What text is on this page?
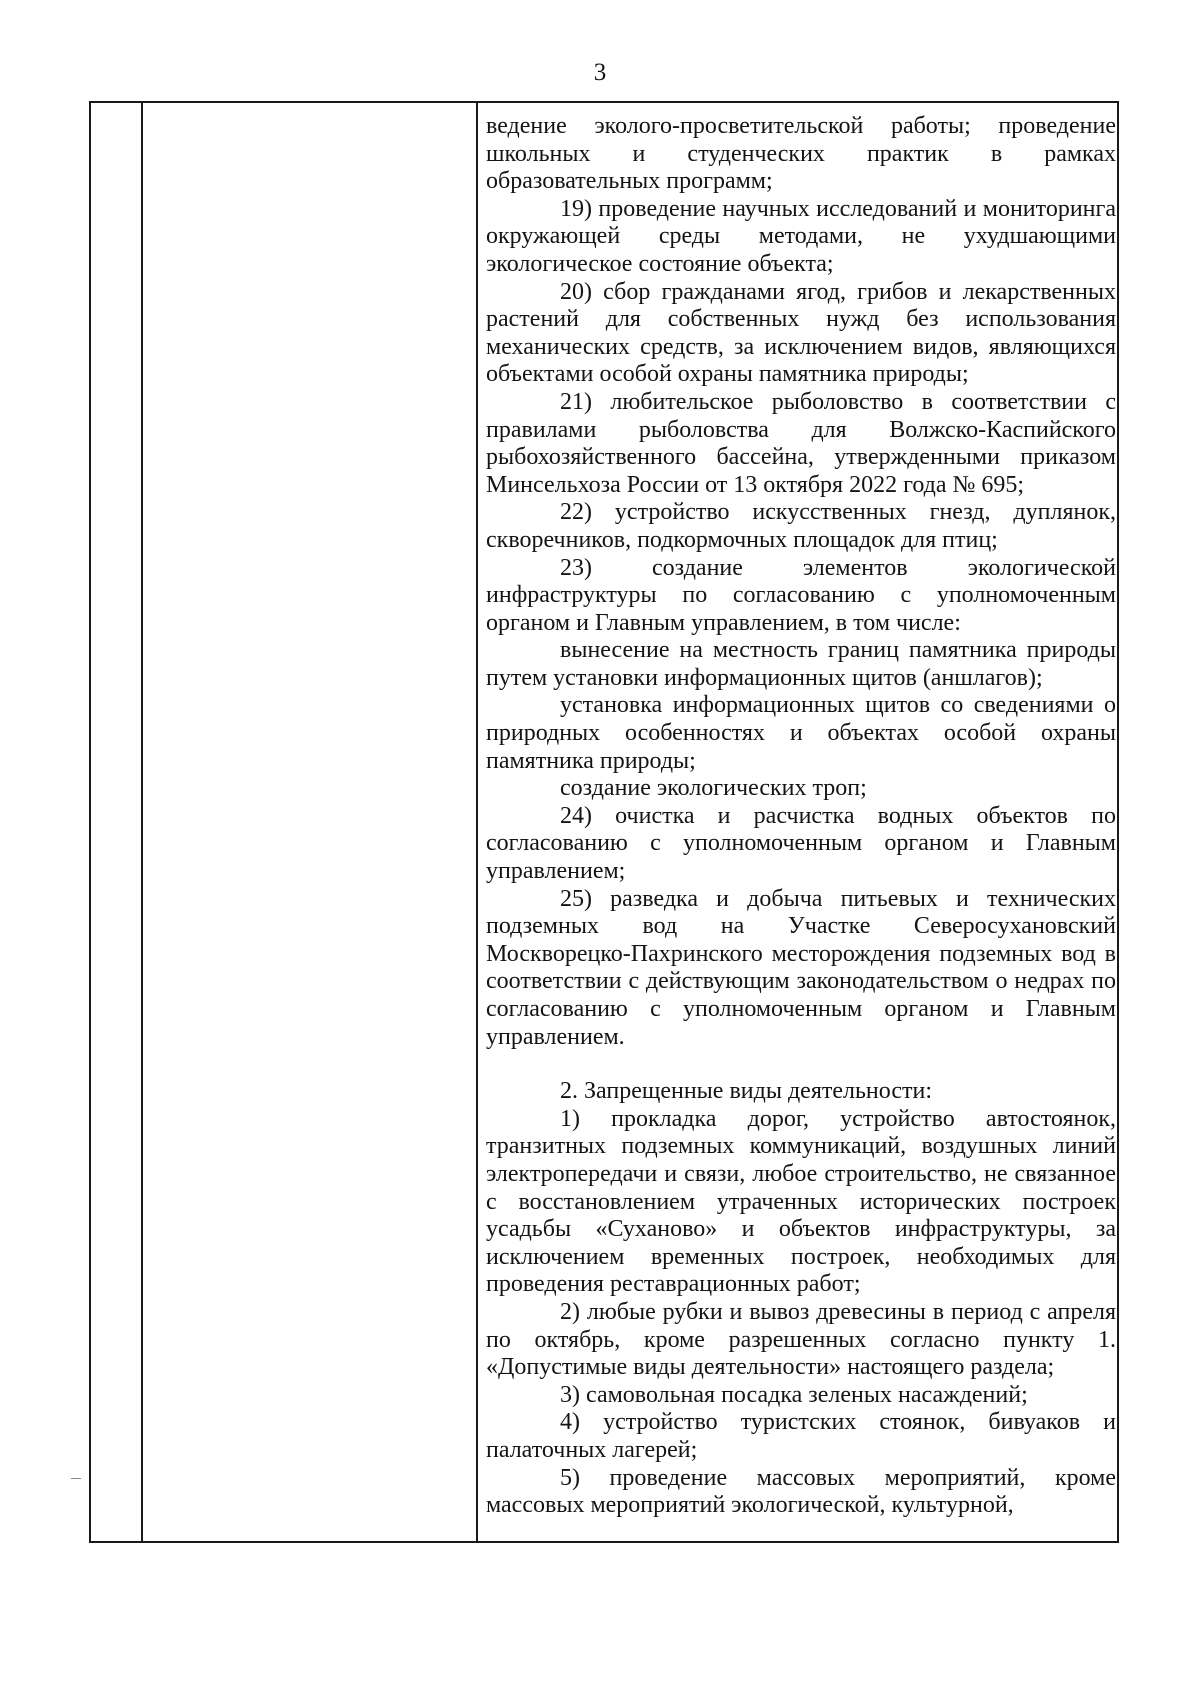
3

ведение эколого-просветительской работы; проведение школьных и студенческих практик в рамках образовательных программ;

19) проведение научных исследований и мониторинга окружающей среды методами, не ухудшающими экологическое состояние объекта;

20) сбор гражданами ягод, грибов и лекарственных растений для собственных нужд без использования механических средств, за исключением видов, являющихся объектами особой охраны памятника природы;

21) любительское рыболовство в соответствии с правилами рыболовства для Волжско-Каспийского рыбохозяйственного бассейна, утвержденными приказом Минсельхоза России от 13 октября 2022 года № 695;

22) устройство искусственных гнезд, дуплянок, скворечников, подкормочных площадок для птиц;

23) создание элементов экологической инфраструктуры по согласованию с уполномоченным органом и Главным управлением, в том числе:

вынесение на местность границ памятника природы путем установки информационных щитов (аншлагов);

установка информационных щитов со сведениями о природных особенностях и объектах особой охраны памятника природы;

создание экологических троп;

24) очистка и расчистка водных объектов по согласованию с уполномоченным органом и Главным управлением;

25) разведка и добыча питьевых и технических подземных вод на Участке Северосухановский Москворецко-Пахринского месторождения подземных вод в соответствии с действующим законодательством о недрах по согласованию с уполномоченным органом и Главным управлением.

2. Запрещенные виды деятельности:

1) прокладка дорог, устройство автостоянок, транзитных подземных коммуникаций, воздушных линий электропередачи и связи, любое строительство, не связанное с восстановлением утраченных исторических построек усадьбы «Суханово» и объектов инфраструктуры, за исключением временных построек, необходимых для проведения реставрационных работ;

2) любые рубки и вывоз древесины в период с апреля по октябрь, кроме разрешенных согласно пункту 1. «Допустимые виды деятельности» настоящего раздела;

3) самовольная посадка зеленых насаждений;

4) устройство туристских стоянок, бивуаков и палаточных лагерей;

5) проведение массовых мероприятий, кроме массовых мероприятий экологической, культурной,
